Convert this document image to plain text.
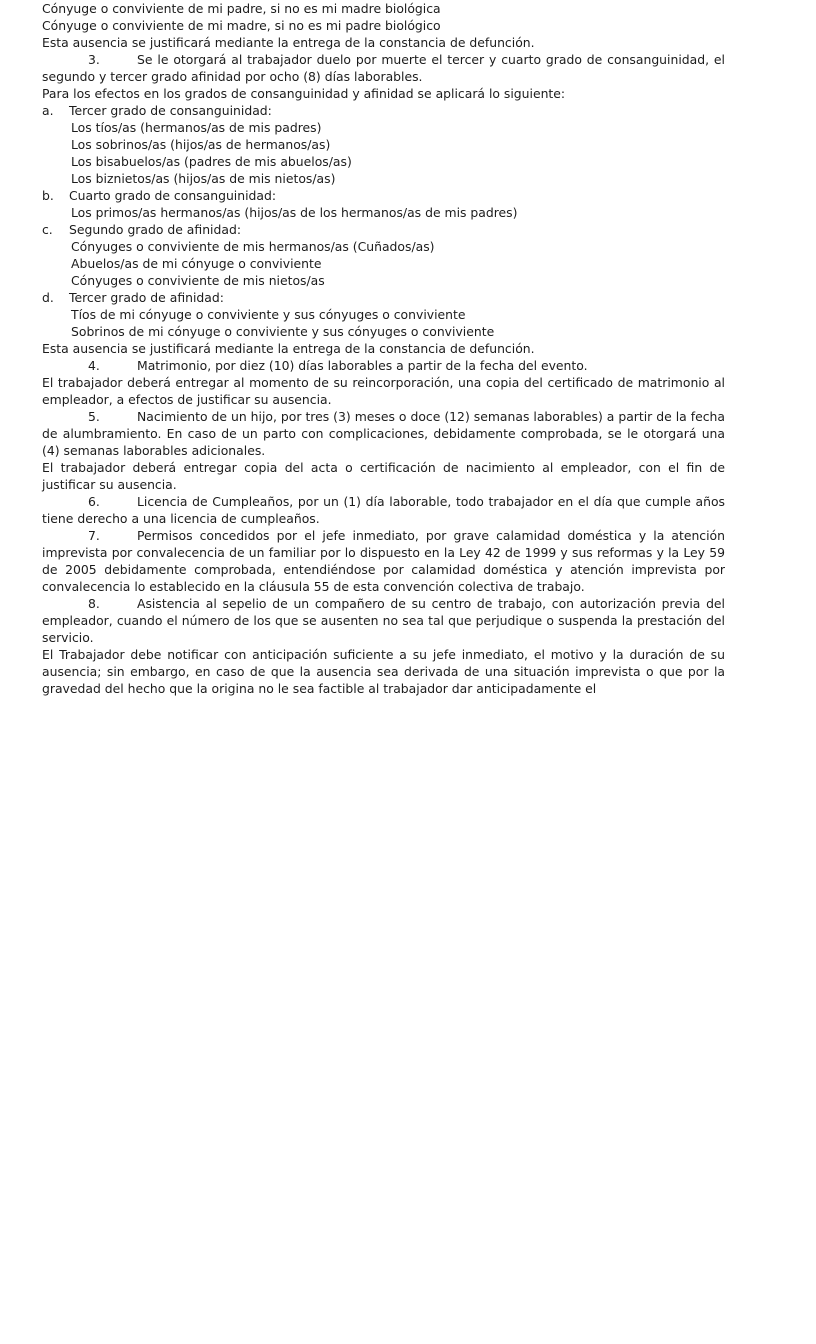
Cónyuge o conviviente de mi padre, si no es mi madre biológica

Cónyuge o conviviente de mi madre, si no es mi padre biológico

Esta ausencia se justificará mediante la entrega de la constancia de defunción.

3.	Se le otorgará al trabajador duelo por muerte el tercer y cuarto grado de consanguinidad, el segundo y tercer grado afinidad por ocho (8) días laborables.

Para los efectos en los grados de consanguinidad y afinidad se aplicará lo siguiente:

a. Tercer grado de consanguinidad:

Los tíos/as (hermanos/as de mis padres)
Los sobrinos/as (hijos/as de hermanos/as)
Los bisabuelos/as (padres de mis abuelos/as)
Los biznietos/as (hijos/as de mis nietos/as)

b. Cuarto grado de consanguinidad:

Los primos/as hermanos/as (hijos/as de los hermanos/as de mis padres)

c. Segundo grado de afinidad:

Cónyuges o conviviente de mis hermanos/as (Cuñados/as)
Abuelos/as de mi cónyuge o conviviente
Cónyuges o conviviente de mis nietos/as

d. Tercer grado de afinidad:

Tíos de mi cónyuge o conviviente y sus cónyuges o conviviente
Sobrinos de mi cónyuge o conviviente y sus cónyuges o conviviente

Esta ausencia se justificará mediante la entrega de la constancia de defunción.

4.	Matrimonio, por diez (10) días laborables a partir de la fecha del evento.

El trabajador deberá entregar al momento de su reincorporación, una copia del certificado de matrimonio al empleador, a efectos de justificar su ausencia.

5.	Nacimiento de un hijo, por tres (3) meses o doce (12) semanas laborables) a partir de la fecha de alumbramiento. En caso de un parto con complicaciones, debidamente comprobada, se le otorgará una (4) semanas laborables adicionales.

El trabajador deberá entregar copia del acta o certificación de nacimiento al empleador, con el fin de justificar su ausencia.

6.	Licencia de Cumpleaños, por un (1) día laborable, todo trabajador en el día que cumple años tiene derecho a una licencia de cumpleaños.

7.	Permisos concedidos por el jefe inmediato, por grave calamidad doméstica y la atención imprevista por convalecencia de un familiar por lo dispuesto en la Ley 42 de 1999 y sus reformas y la Ley 59 de 2005 debidamente comprobada, entendiéndose por calamidad doméstica y atención imprevista por convalecencia lo establecido en la cláusula 55 de esta convención colectiva de trabajo.

8.	Asistencia al sepelio de un compañero de su centro de trabajo, con autorización previa del empleador, cuando el número de los que se ausenten no sea tal que perjudique o suspenda la prestación del servicio.

El Trabajador debe notificar con anticipación suficiente a su jefe inmediato, el motivo y la duración de su ausencia; sin embargo, en caso de que la ausencia sea derivada de una situación imprevista o que por la gravedad del hecho que la origina no le sea factible al trabajador dar anticipadamente el
